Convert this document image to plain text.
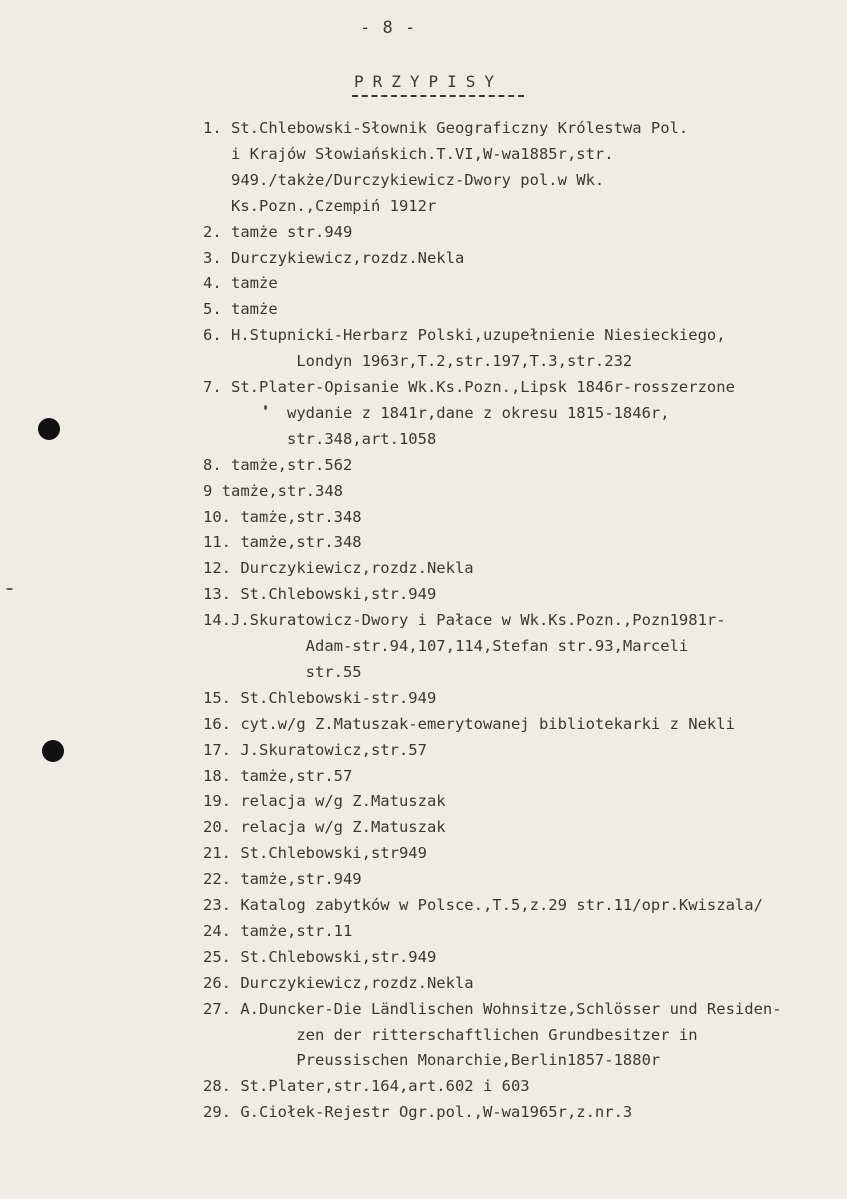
- 8 -
PRZYPISY
1. St.Chlebowski-Słownik Geograficzny Królestwa Pol.
i Krajów Słowiańskich.T.VI,W-wa1885r,str.
949./także/Durczykiewicz-Dwory pol.w Wk.
Ks.Pozn.,Czempiń 1912r
2. tamże str.949
3. Durczykiewicz,rozdz.Nekla
4. tamże
5. tamże
6. H.Stupnicki-Herbarz Polski,uzupełnienie Niesieckiego,
Londyn 1963r,T.2,str.197,T.3,str.232
7. St.Plater-Opisanie Wk.Ks.Pozn.,Lipsk 1846r-rosszerzone
wydanie z 1841r,dane z okresu 1815-1846r,
str.348,art.1058
8. tamże,str.562
9 tamże,str.348
10. tamże,str.348
11. tamże,str.348
12. Durczykiewicz,rozdz.Nekla
13. St.Chlebowski,str.949
14.J.Skuratowicz-Dwory i Pałace w Wk.Ks.Pozn.,Pozn1981r-
Adam-str.94,107,114,Stefan str.93,Marceli
str.55
15. St.Chlebowski-str.949
16. cyt.w/g Z.Matuszak-emerytowanej bibliotekarki z Nekli
17. J.Skuratowicz,str.57
18. tamże,str.57
19. relacja w/g Z.Matuszak
20. relacja w/g Z.Matuszak
21. St.Chlebowski,str949
22. tamże,str.949
23. Katalog zabytków w Polsce.,T.5,z.29 str.11/opr.Kwiszala/
24. tamże,str.11
25. St.Chlebowski,str.949
26. Durczykiewicz,rozdz.Nekla
27. A.Duncker-Die Ländlischen Wohnsitze,Schlösser und Residen-
zen der ritterschaftlichen Grundbesitzer in
Preussischen Monarchie,Berlin1857-1880r
28. St.Plater,str.164,art.602 i 603
29. G.Ciołek-Rejestr Ogr.pol.,W-wa1965r,z.nr.3
